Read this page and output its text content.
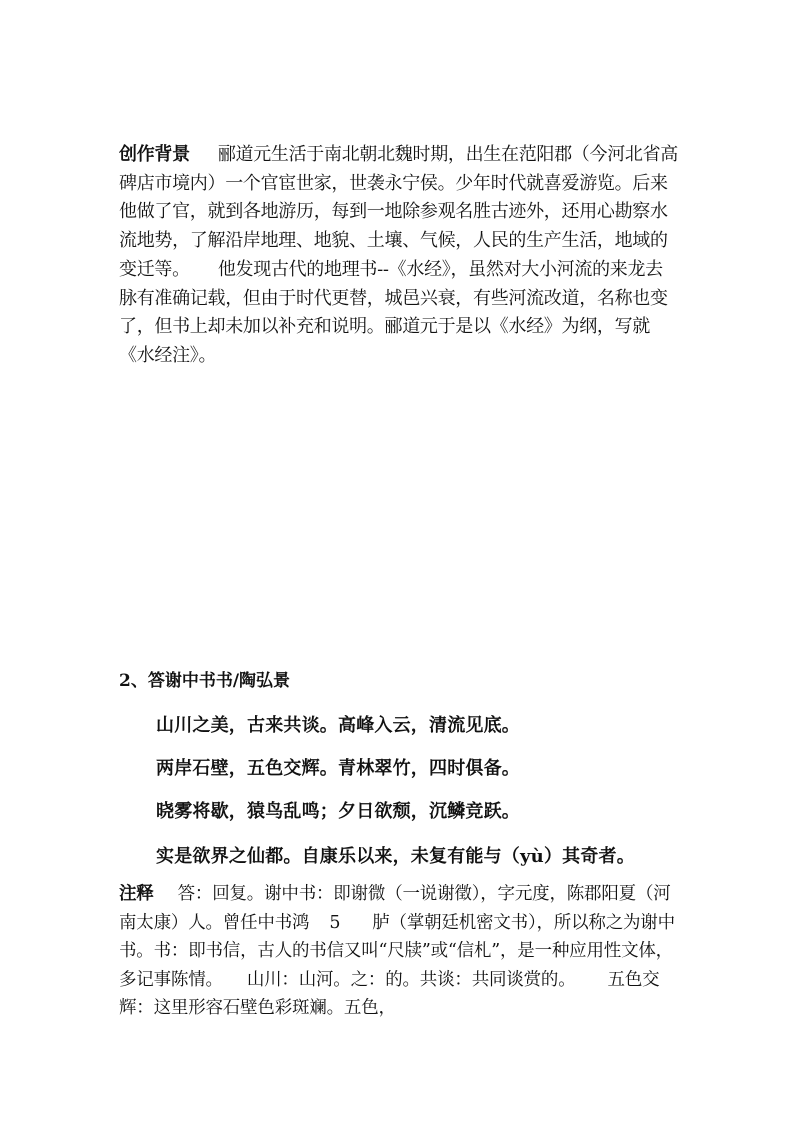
创作背景 郦道元生活于南北朝北魏时期，出生在范阳郡（今河北省高碑店市境内）一个官宦世家，世袭永宁侯。少年时代就喜爱游览。后来他做了官，就到各地游历，每到一地除参观名胜古迹外，还用心勘察水流地势，了解沿岸地理、地貌、土壤、气候，人民的生产生活，地域的变迁等。 他发现古代的地理书--《水经》，虽然对大小河流的来龙去脉有准确记载，但由于时代更替，城邑兴衰，有些河流改道，名称也变了，但书上却未加以补充和说明。郦道元于是以《水经》为纲，写就《水经注》。
2、答谢中书书/陶弘景

山川之美，古来共谈。高峰入云，清流见底。

两岸石壁，五色交辉。青林翠竹，四时俱备。

晓雾将歇，猿鸟乱鸣；夕日欲颓，沉鳞竞跃。

实是欲界之仙都。自康乐以来，未复有能与（yù）其奇者。

注释 答：回复。谢中书：即谢微（一说谢徵），字元度，陈郡阳夏（河南太康）人。曾任中书鸿 5 胪（掌朝廷机密文书），所以称之为谢中书。书：即书信，古人的书信又叫“尺牍”或“信札”，是一种应用性文体，多记事陈情。 山川：山河。之：的。共谈：共同谈赏的。 五色交辉：这里形容石壁色彩斑斓。五色，
